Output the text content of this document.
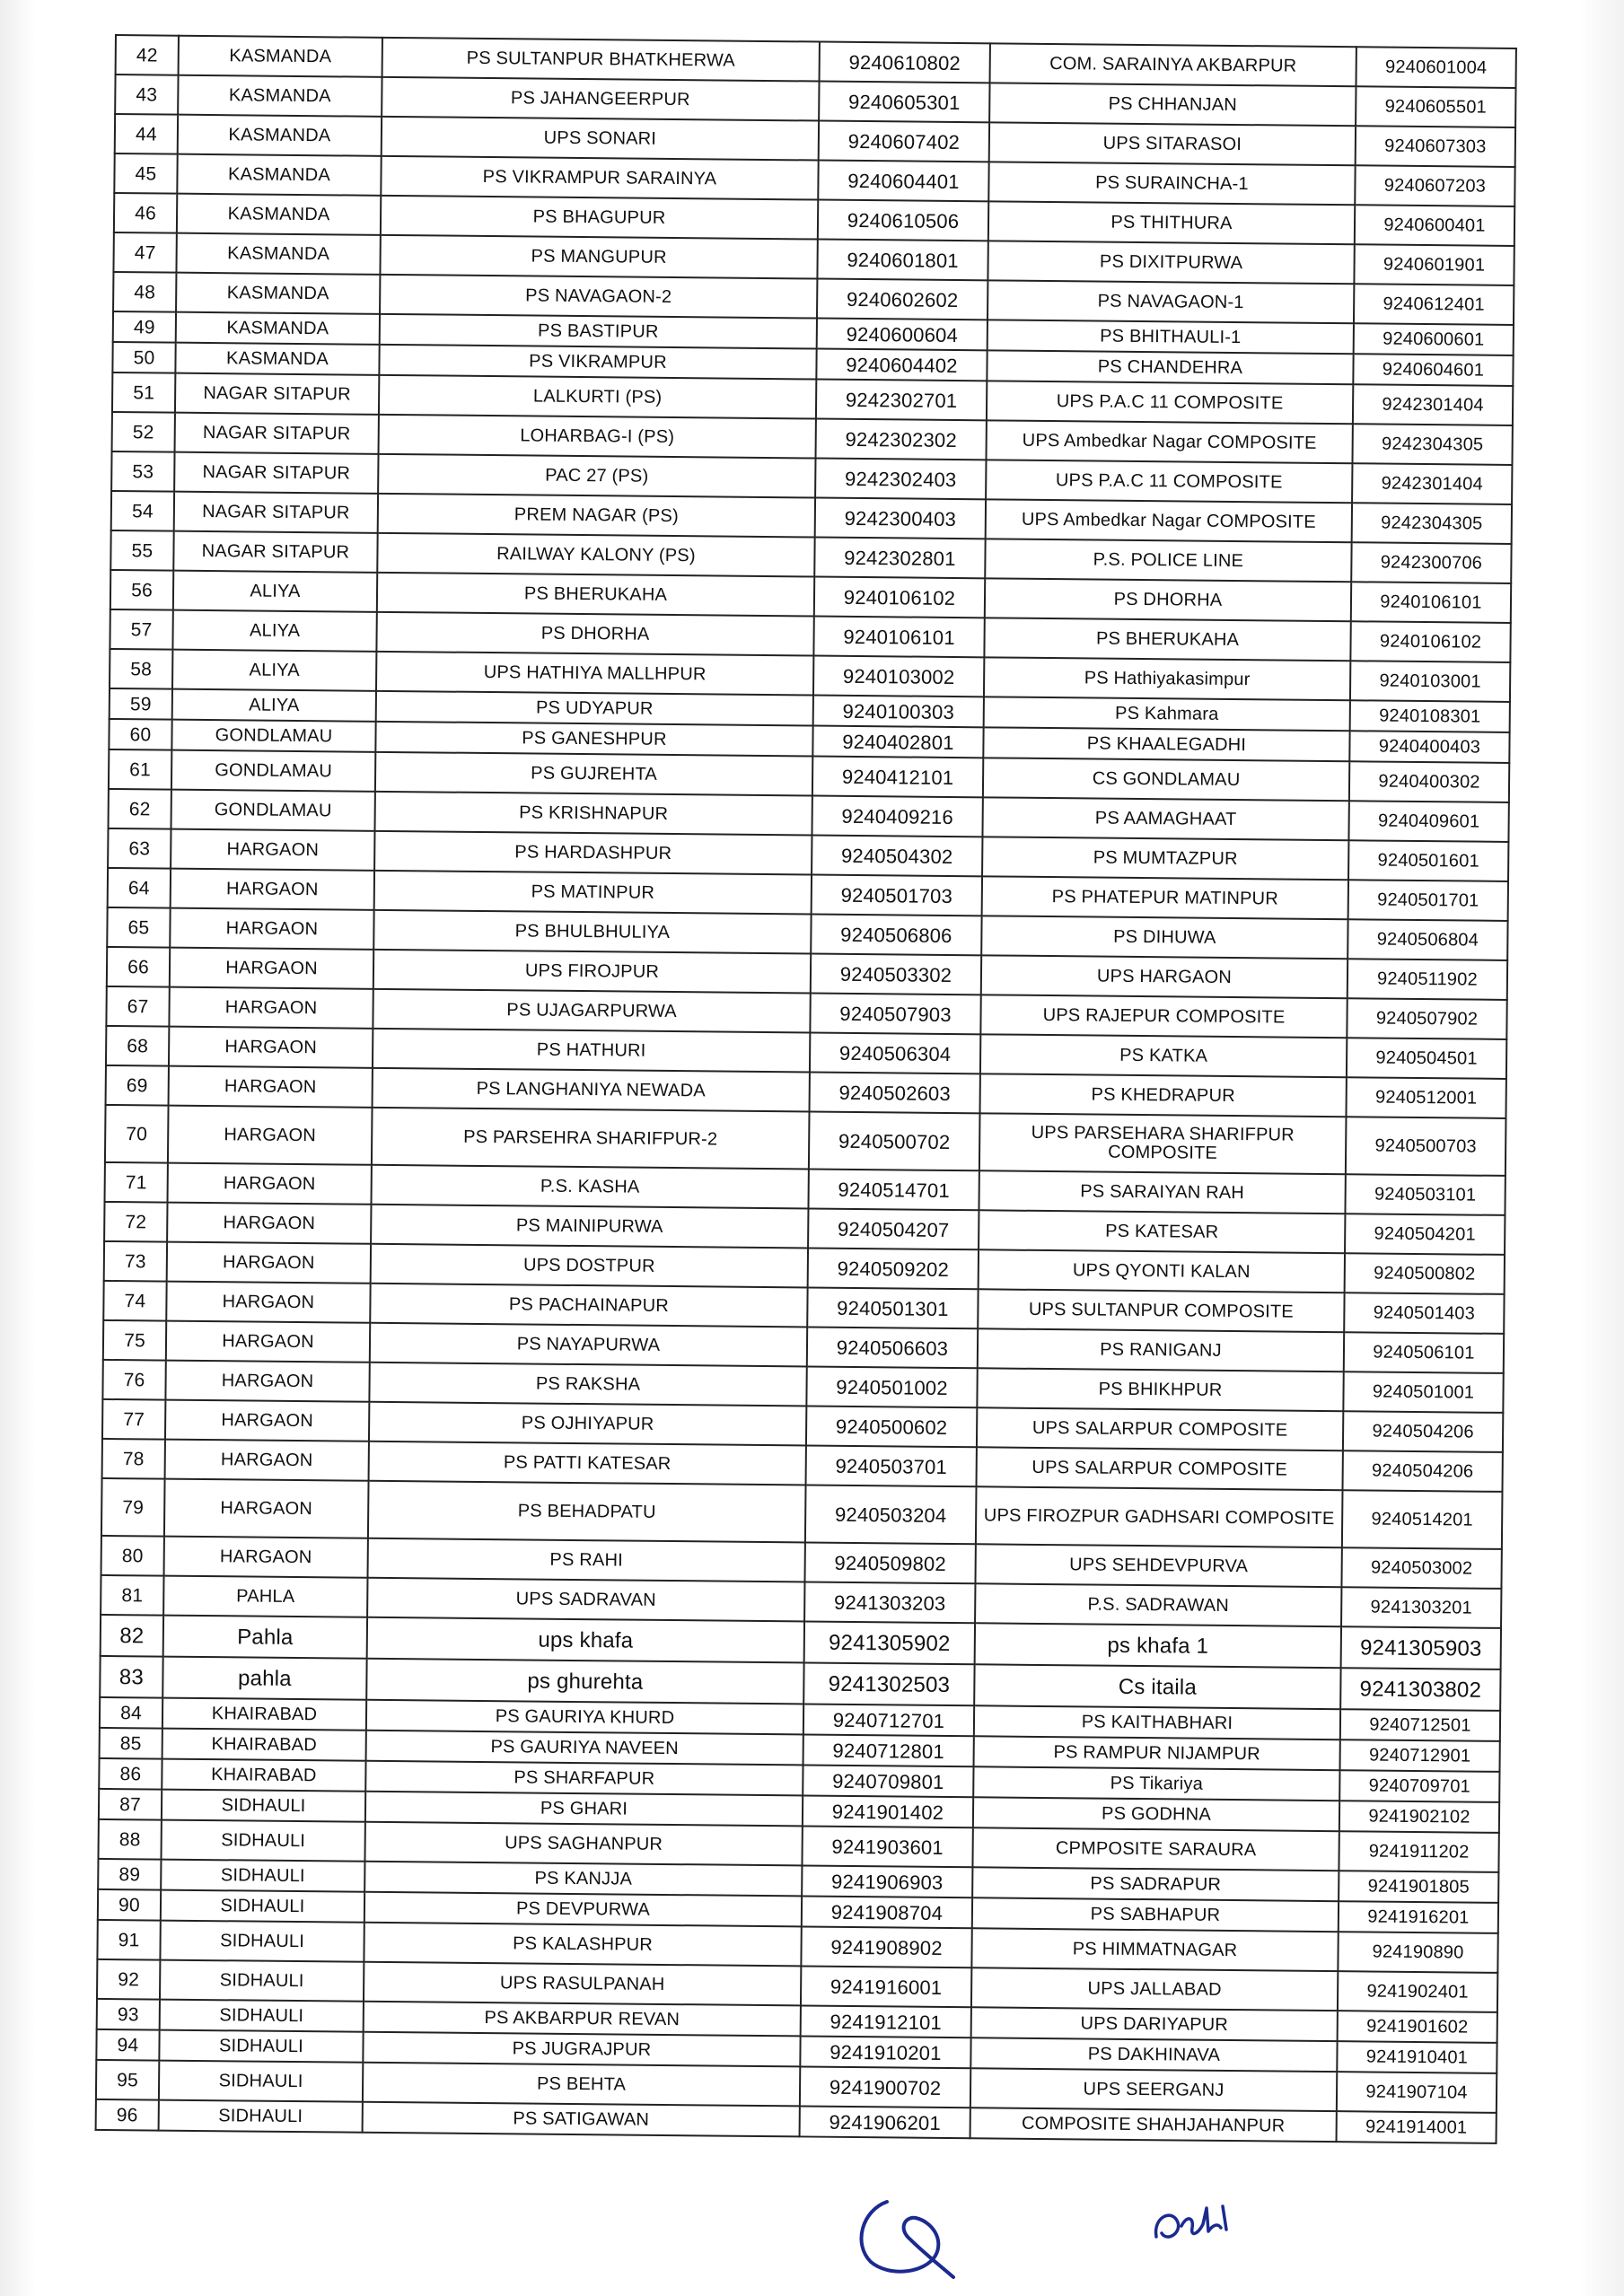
42	KASMANDA	PS SULTANPUR BHATKHERWA	9240610802	COM. SARAINYA AKBARPUR	9240601004
43	KASMANDA	PS JAHANGEERPUR	9240605301	PS CHHANJAN	9240605501
44	KASMANDA	UPS SONARI	9240607402	UPS SITARASOI	9240607303
45	KASMANDA	PS VIKRAMPUR SARAINYA	9240604401	PS SURAINCHA-1	9240607203
46	KASMANDA	PS BHAGUPUR	9240610506	PS THITHURA	9240600401
47	KASMANDA	PS MANGUPUR	9240601801	PS DIXITPURWA	9240601901
48	KASMANDA	PS NAVAGAON-2	9240602602	PS NAVAGAON-1	9240612401
49	KASMANDA	PS BASTIPUR	9240600604	PS BHITHAULI-1	9240600601
50	KASMANDA	PS VIKRAMPUR	9240604402	PS CHANDEHRA	9240604601
51	NAGAR SITAPUR	LALKURTI (PS)	9242302701	UPS P.A.C 11 COMPOSITE	9242301404
52	NAGAR SITAPUR	LOHARBAG-I (PS)	9242302302	UPS Ambedkar Nagar COMPOSITE	9242304305
53	NAGAR SITAPUR	PAC 27 (PS)	9242302403	UPS P.A.C 11 COMPOSITE	9242301404
54	NAGAR SITAPUR	PREM NAGAR (PS)	9242300403	UPS Ambedkar Nagar COMPOSITE	9242304305
55	NAGAR SITAPUR	RAILWAY KALONY (PS)	9242302801	P.S. POLICE LINE	9242300706
56	ALIYA	PS BHERUKAHA	9240106102	PS DHORHA	9240106101
57	ALIYA	PS DHORHA	9240106101	PS BHERUKAHA	9240106102
58	ALIYA	UPS HATHIYA MALLHPUR	9240103002	PS Hathiyakasimpur	9240103001
59	ALIYA	PS UDYAPUR	9240100303	PS Kahmara	9240108301
60	GONDLAMAU	PS GANESHPUR	9240402801	PS KHAALEGADHI	9240400403
61	GONDLAMAU	PS GUJREHTA	9240412101	CS GONDLAMAU	9240400302
62	GONDLAMAU	PS KRISHNAPUR	9240409216	PS AAMAGHAAT	9240409601
63	HARGAON	PS HARDASHPUR	9240504302	PS MUMTAZPUR	9240501601
64	HARGAON	PS MATINPUR	9240501703	PS PHATEPUR MATINPUR	9240501701
65	HARGAON	PS BHULBHULIYA	9240506806	PS DIHUWA	9240506804
66	HARGAON	UPS FIROJPUR	9240503302	UPS HARGAON	9240511902
67	HARGAON	PS UJAGARPURWA	9240507903	UPS RAJEPUR COMPOSITE	9240507902
68	HARGAON	PS HATHURI	9240506304	PS KATKA	9240504501
69	HARGAON	PS LANGHANIYA NEWADA	9240502603	PS KHEDRAPUR	9240512001
70	HARGAON	PS PARSEHRA SHARIFPUR-2	9240500702	UPS PARSEHARA SHARIFPUR COMPOSITE	9240500703
71	HARGAON	P.S. KASHA	9240514701	PS SARAIYAN RAH	9240503101
72	HARGAON	PS MAINIPURWA	9240504207	PS KATESAR	9240504201
73	HARGAON	UPS DOSTPUR	9240509202	UPS QYONTI KALAN	9240500802
74	HARGAON	PS PACHAINAPUR	9240501301	UPS SULTANPUR COMPOSITE	9240501403
75	HARGAON	PS NAYAPURWA	9240506603	PS RANIGANJ	9240506101
76	HARGAON	PS RAKSHA	9240501002	PS BHIKHPUR	9240501001
77	HARGAON	PS OJHIYAPUR	9240500602	UPS SALARPUR COMPOSITE	9240504206
78	HARGAON	PS PATTI KATESAR	9240503701	UPS SALARPUR COMPOSITE	9240504206
79	HARGAON	PS BEHADPATU	9240503204	UPS FIROZPUR GADHSARI COMPOSITE	9240514201
80	HARGAON	PS RAHI	9240509802	UPS SEHDEVPURVA	9240503002
81	PAHLA	UPS SADRAVAN	9241303203	P.S. SADRAWAN	9241303201
82	Pahla	ups khafa	9241305902	ps khafa 1	9241305903
83	pahla	ps ghurehta	9241302503	Cs itaila	9241303802
84	KHAIRABAD	PS GAURIYA KHURD	9240712701	PS KAITHABHARI	9240712501
85	KHAIRABAD	PS GAURIYA NAVEEN	9240712801	PS RAMPUR NIJAMPUR	9240712901
86	KHAIRABAD	PS SHARFAPUR	9240709801	PS Tikariya	9240709701
87	SIDHAULI	PS GHARI	9241901402	PS GODHNA	9241902102
88	SIDHAULI	UPS SAGHANPUR	9241903601	CPMPOSITE SARAURA	9241911202
89	SIDHAULI	PS KANJJA	9241906903	PS SADRAPUR	9241901805
90	SIDHAULI	PS DEVPURWA	9241908704	PS SABHAPUR	9241916201
91	SIDHAULI	PS KALASHPUR	9241908902	PS HIMMATNAGAR	924190890
92	SIDHAULI	UPS RASULPANAH	9241916001	UPS JALLABAD	9241902401
93	SIDHAULI	PS AKBARPUR REVAN	9241912101	UPS DARIYAPUR	9241901602
94	SIDHAULI	PS JUGRAJPUR	9241910201	PS DAKHINAVA	9241910401
95	SIDHAULI	PS BEHTA	9241900702	UPS SEERGANJ	9241907104
96	SIDHAULI	PS SATIGAWAN	9241906201	COMPOSITE SHAHJAHANPUR	9241914001
